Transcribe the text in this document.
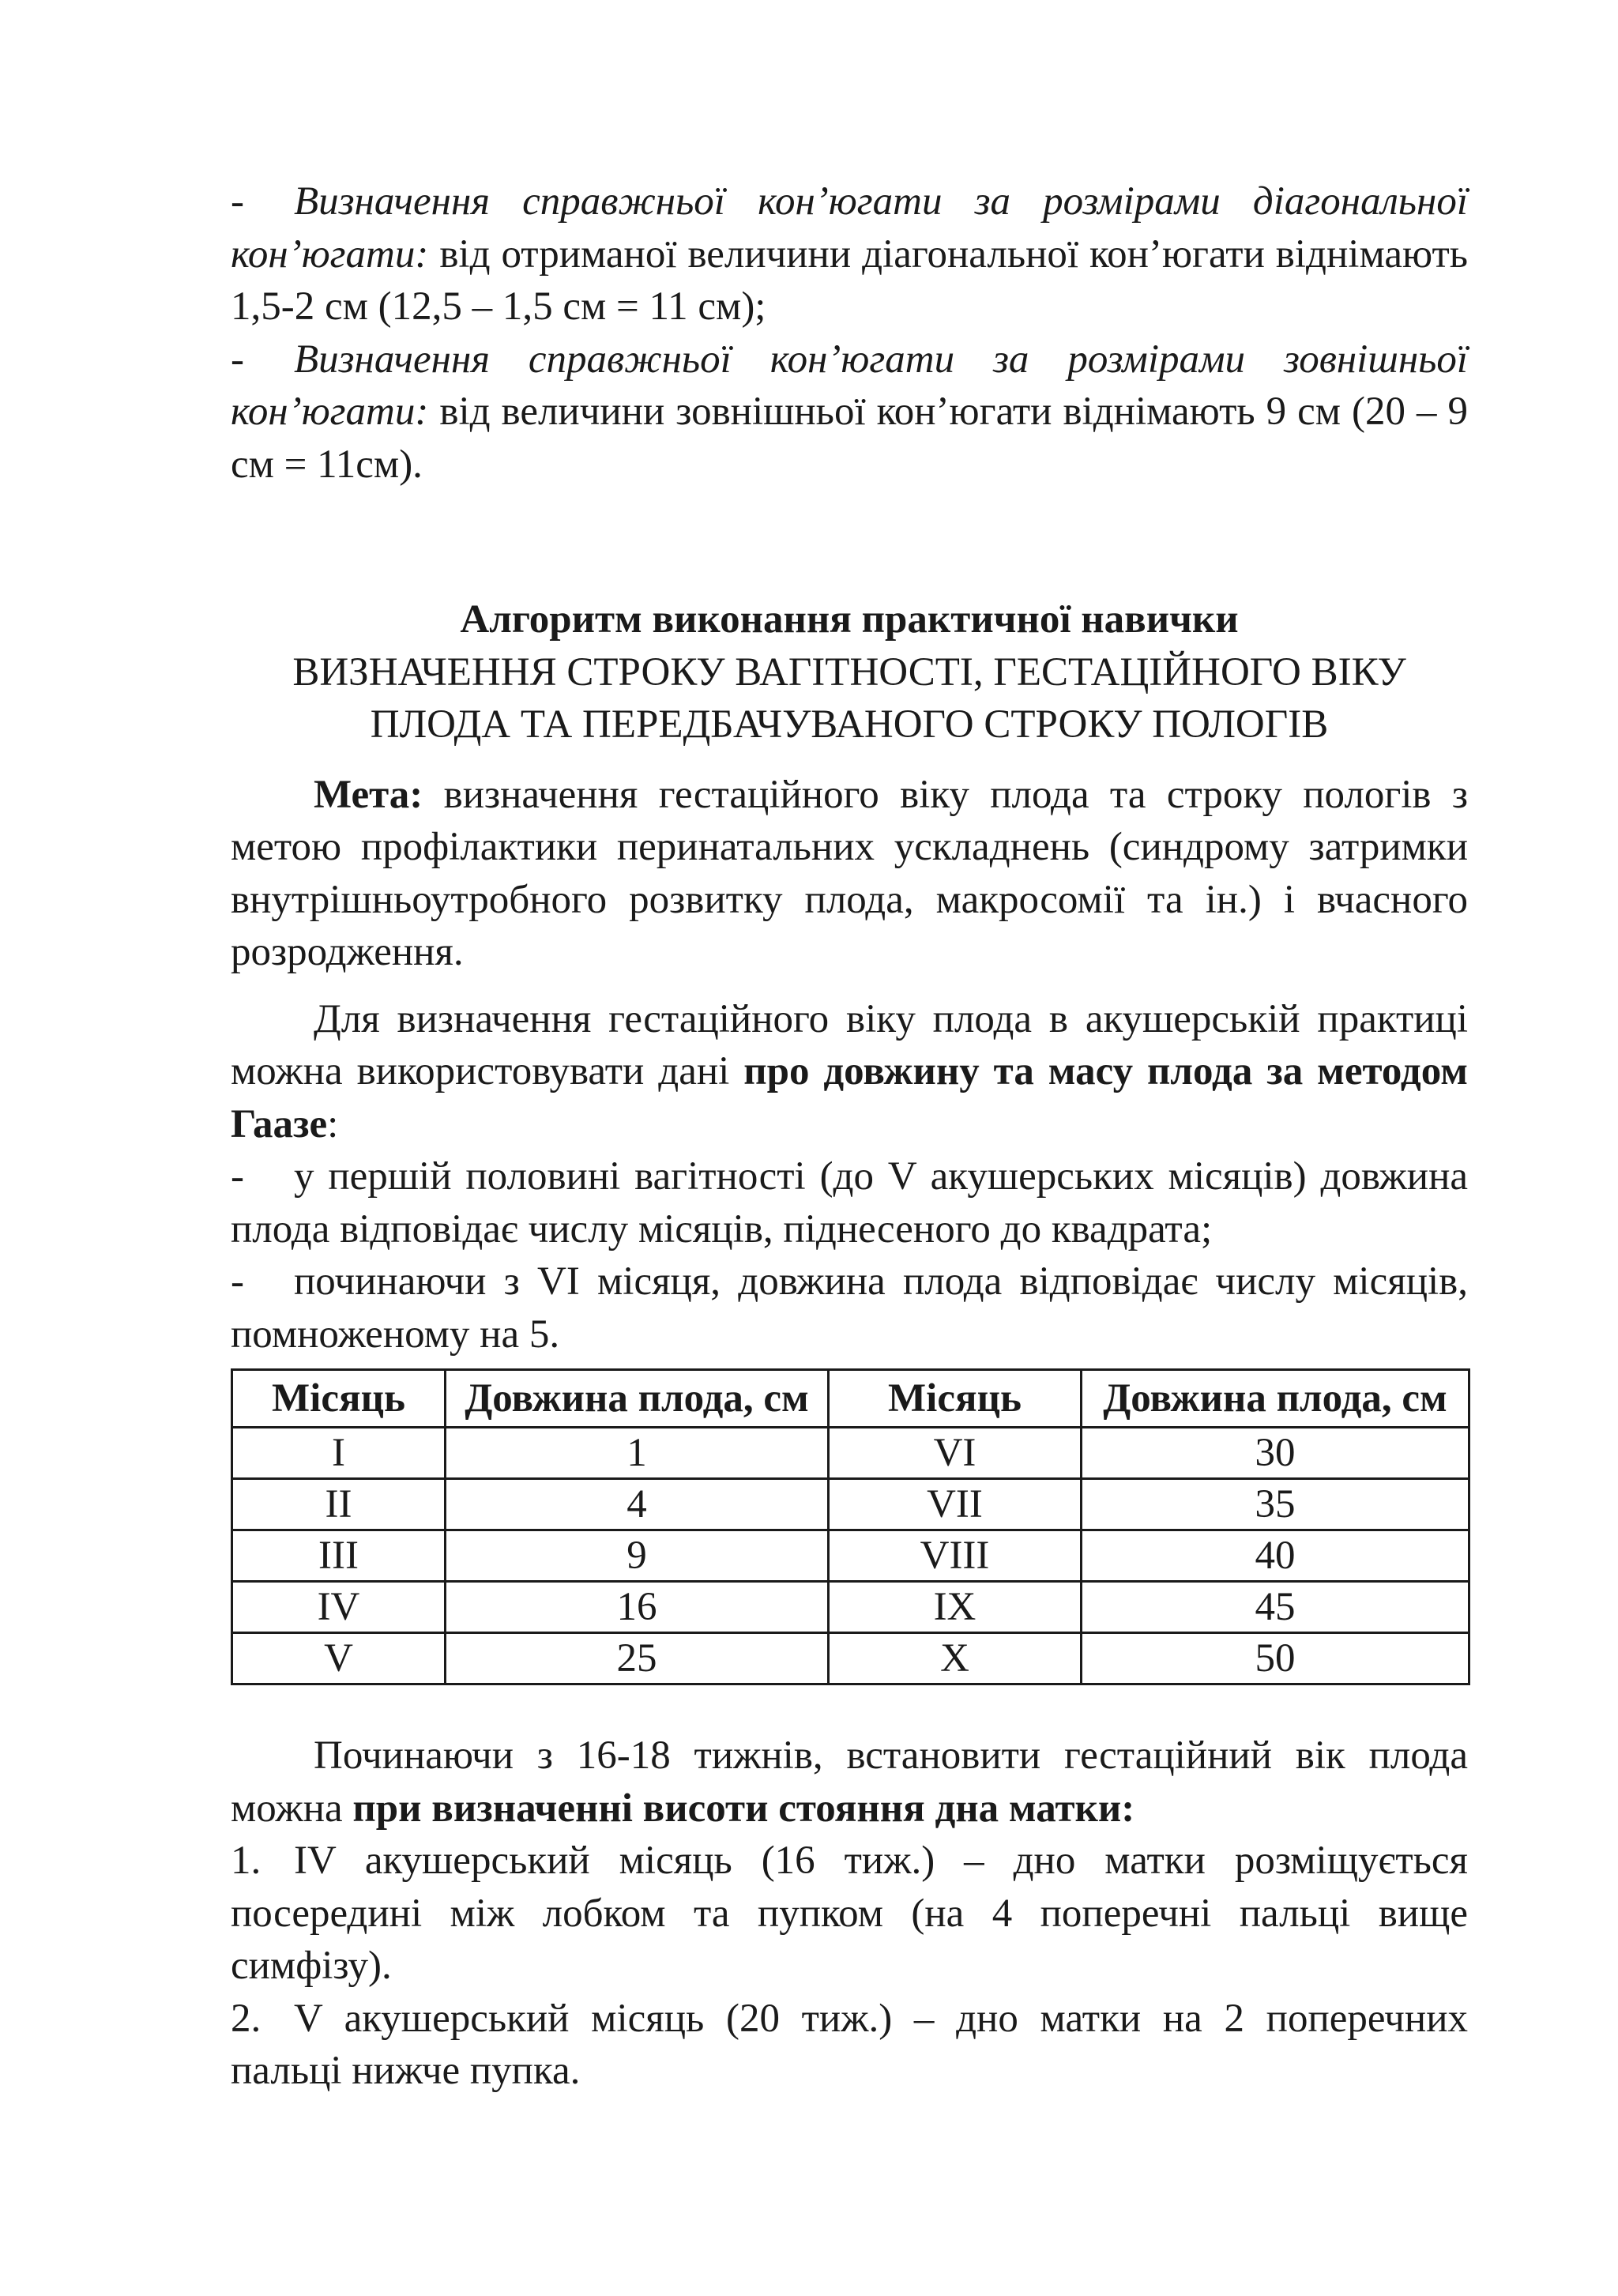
- Визначення справжньої кон’югати за розмірами діагональної кон’югати: від отриманої величини діагональної кон’югати віднімають 1,5-2 см (12,5 – 1,5 см = 11 см);

- Визначення справжньої кон’югати за розмірами зовнішньої кон’югати: від величини зовнішньої кон’югати віднімають 9 см (20 – 9 см = 11см).

Алгоритм виконання практичної навички

ВИЗНАЧЕННЯ СТРОКУ ВАГІТНОСТІ, ГЕСТАЦІЙНОГО ВІКУ

ПЛОДА ТА ПЕРЕДБАЧУВАНОГО СТРОКУ ПОЛОГІВ

Мета: визначення гестаційного віку плода та строку пологів з метою профілактики перинатальних ускладнень (синдрому затримки внутрішньоутробного розвитку плода, макросомії та ін.) і вчасного розродження.

Для визначення гестаційного віку плода в акушерській практиці можна використовувати дані про довжину та масу плода за методом Гаазе:

- у першій половині вагітності (до V акушерських місяців) довжина плода відповідає числу місяців, піднесеного до квадрата;

- починаючи з VI місяця, довжина плода відповідає числу місяців, помноженому на 5.

Місяць	Довжина плода, см	Місяць	Довжина плода, см
I	1	VI	30
II	4	VII	35
III	9	VIII	40
IV	16	IX	45
V	25	X	50

Починаючи з 16-18 тижнів, встановити гестаційний вік плода можна при визначенні висоти стояння дна матки:

1. IV акушерський місяць (16 тиж.) – дно матки розміщується посередині між лобком та пупком (на 4 поперечні пальці вище симфізу).

2. V акушерський місяць (20 тиж.) – дно матки на 2 поперечних пальці нижче пупка.
